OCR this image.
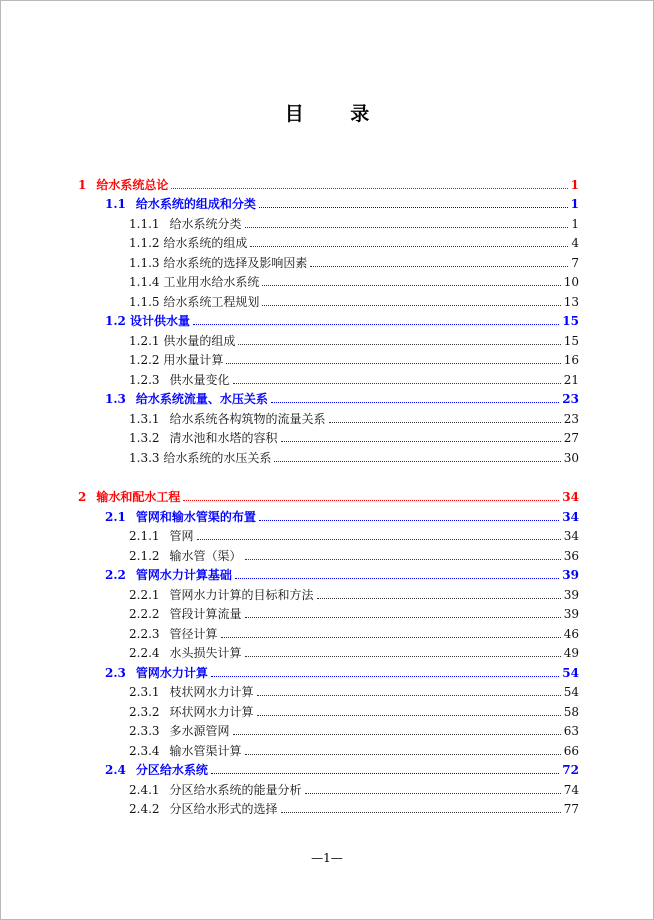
目 录
1 给水系统总论	1
1.1 给水系统的组成和分类	1
1.1.1 给水系统分类	1
1.1.2 给水系统的组成	4
1.1.3 给水系统的选择及影响因素	7
1.1.4 工业用水给水系统	10
1.1.5 给水系统工程规划	13
1.2 设计供水量	15
1.2.1 供水量的组成	15
1.2.2 用水量计算	16
1.2.3 供水量变化	21
1.3 给水系统流量、水压关系	23
1.3.1 给水系统各构筑物的流量关系	23
1.3.2 清水池和水塔的容积	27
1.3.3 给水系统的水压关系	30
2 输水和配水工程	34
2.1 管网和输水管渠的布置	34
2.1.1 管网	34
2.1.2 输水管（渠）	36
2.2 管网水力计算基础	39
2.2.1 管网水力计算的目标和方法	39
2.2.2 管段计算流量	39
2.2.3 管径计算	46
2.2.4 水头损失计算	49
2.3 管网水力计算	54
2.3.1 枝状网水力计算	54
2.3.2 环状网水力计算	58
2.3.3 多水源管网	63
2.3.4 输水管渠计算	66
2.4 分区给水系统	72
2.4.1 分区给水系统的能量分析	74
2.4.2 分区给水形式的选择	77
—1—
